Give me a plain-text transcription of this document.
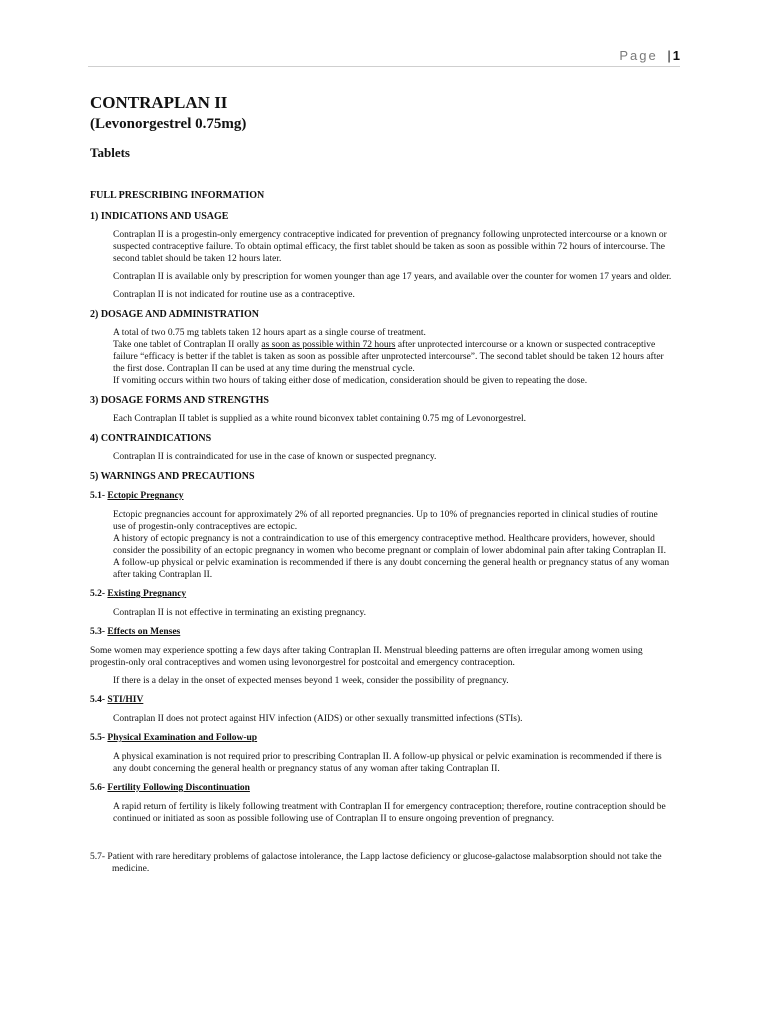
Page |1
CONTRAPLAN II
(Levonorgestrel 0.75mg)
Tablets
FULL PRESCRIBING INFORMATION
1) INDICATIONS AND USAGE

Contraplan II is a progestin-only emergency contraceptive indicated for prevention of pregnancy following unprotected intercourse or a known or suspected contraceptive failure. To obtain optimal efficacy, the first tablet should be taken as soon as possible within 72 hours of intercourse. The second tablet should be taken 12 hours later.

Contraplan II is available only by prescription for women younger than age 17 years, and available over the counter for women 17 years and older.

Contraplan II is not indicated for routine use as a contraceptive.

2) DOSAGE AND ADMINISTRATION

A total of two 0.75 mg tablets taken 12 hours apart as a single course of treatment.

Take one tablet of Contraplan II orally as soon as possible within 72 hours after unprotected intercourse or a known or suspected contraceptive failure “efficacy is better if the tablet is taken as soon as possible after unprotected intercourse”. The second tablet should be taken 12 hours after the first dose. Contraplan II can be used at any time during the menstrual cycle.

If vomiting occurs within two hours of taking either dose of medication, consideration should be given to repeating the dose.

3) DOSAGE FORMS AND STRENGTHS

Each Contraplan II tablet is supplied as a white round biconvex tablet containing 0.75 mg of Levonorgestrel.

4) CONTRAINDICATIONS

Contraplan II is contraindicated for use in the case of known or suspected pregnancy.

5) WARNINGS AND PRECAUTIONS
5.1- Ectopic Pregnancy

Ectopic pregnancies account for approximately 2% of all reported pregnancies. Up to 10% of pregnancies reported in clinical studies of routine use of progestin-only contraceptives are ectopic.

A history of ectopic pregnancy is not a contraindication to use of this emergency contraceptive method. Healthcare providers, however, should consider the possibility of an ectopic pregnancy in women who become pregnant or complain of lower abdominal pain after taking Contraplan II. A follow-up physical or pelvic examination is recommended if there is any doubt concerning the general health or pregnancy status of any woman after taking Contraplan II.

5.2- Existing Pregnancy

Contraplan II is not effective in terminating an existing pregnancy.

5.3- Effects on Menses

Some women may experience spotting a few days after taking Contraplan II. Menstrual bleeding patterns are often irregular among women using progestin-only oral contraceptives and women using levonorgestrel for postcoital and emergency contraception.

If there is a delay in the onset of expected menses beyond 1 week, consider the possibility of pregnancy.

5.4- STI/HIV

Contraplan II does not protect against HIV infection (AIDS) or other sexually transmitted infections (STIs).

5.5- Physical Examination and Follow-up

A physical examination is not required prior to prescribing Contraplan II. A follow-up physical or pelvic examination is recommended if there is any doubt concerning the general health or pregnancy status of any woman after taking Contraplan II.

5.6- Fertility Following Discontinuation

A rapid return of fertility is likely following treatment with Contraplan II for emergency contraception; therefore, routine contraception should be continued or initiated as soon as possible following use of Contraplan II to ensure ongoing prevention of pregnancy.

5.7- Patient with rare hereditary problems of galactose intolerance, the Lapp lactose deficiency or glucose-galactose malabsorption should not take the medicine.
